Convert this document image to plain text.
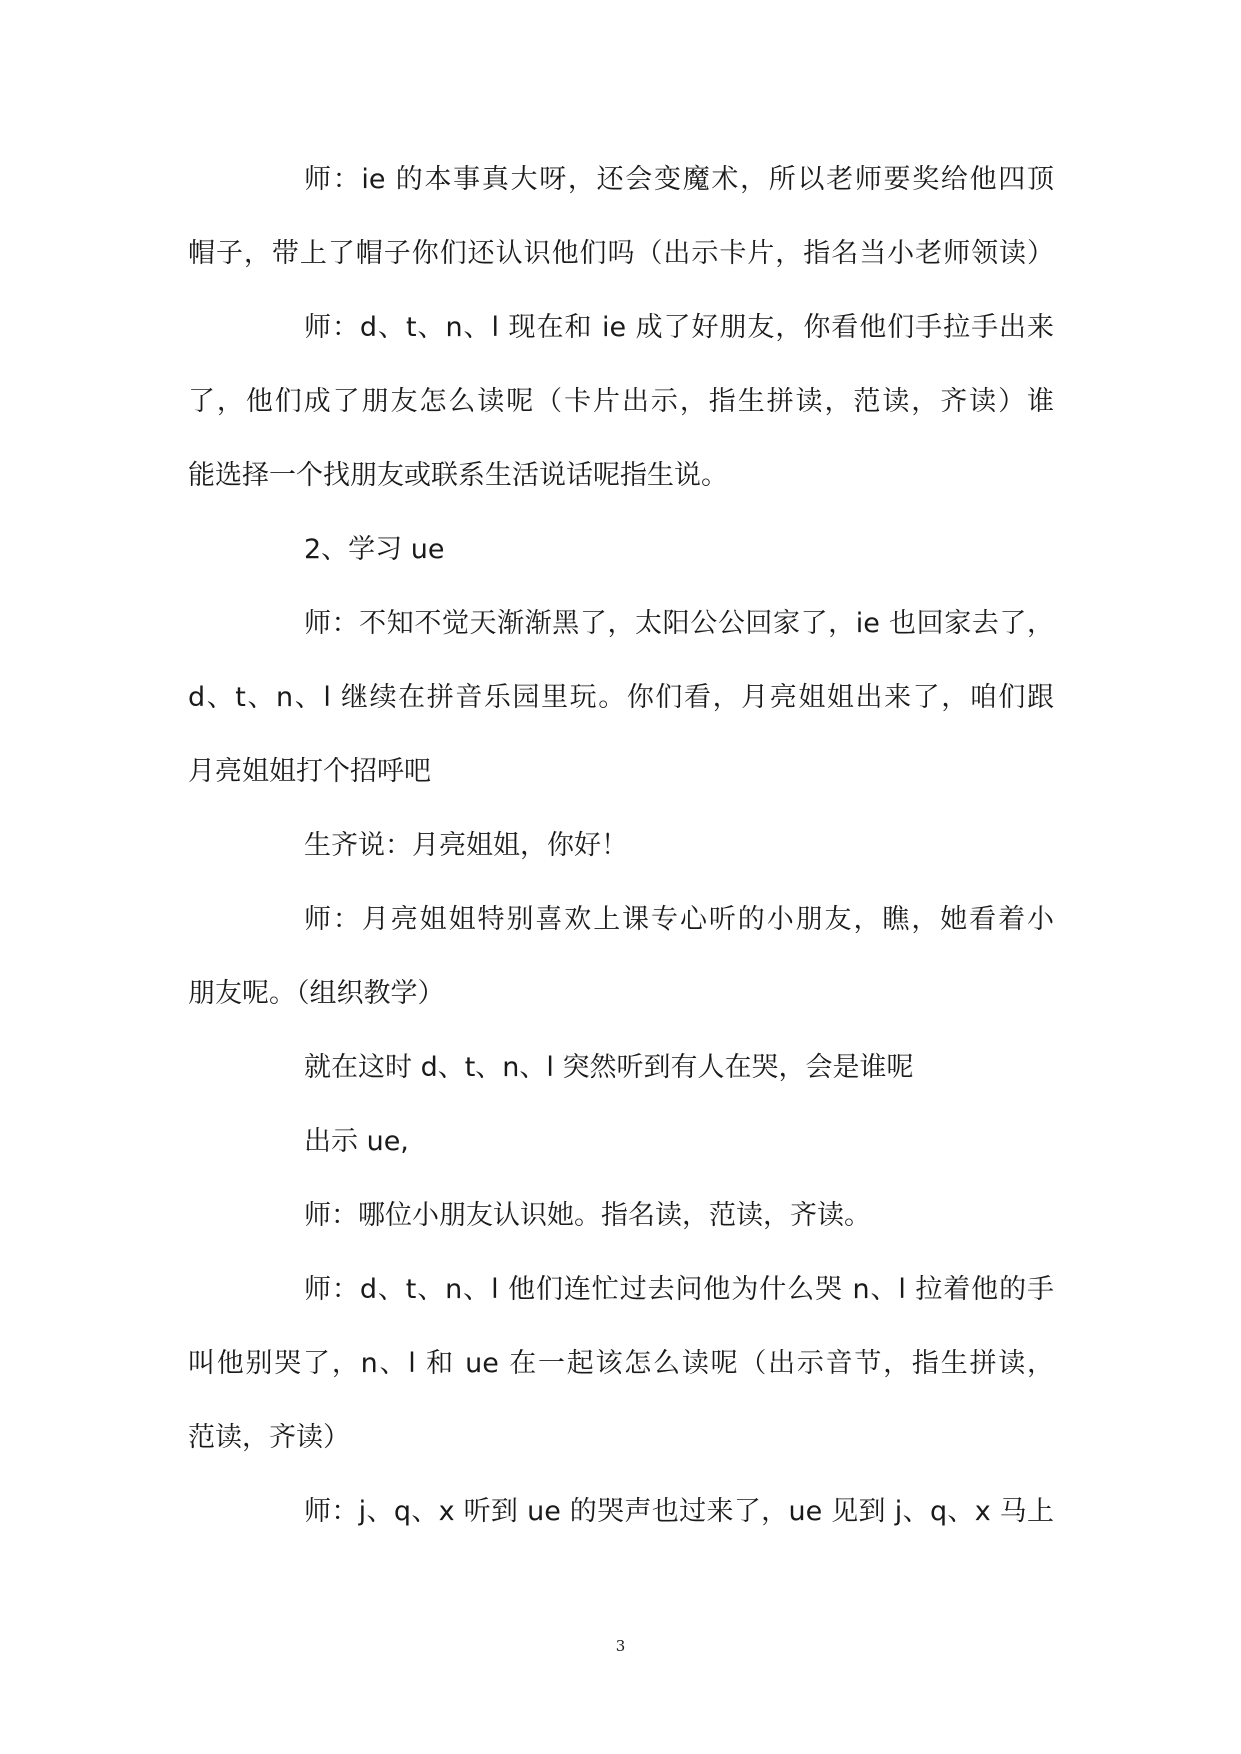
师：ie 的本事真大呀，还会变魔术，所以老师要奖给他四顶

帽子，带上了帽子你们还认识他们吗（出示卡片，指名当小老师领读）

师：d、t、n、l 现在和 ie 成了好朋友，你看他们手拉手出来

了，他们成了朋友怎么读呢（卡片出示，指生拼读，范读，齐读）谁

能选择一个找朋友或联系生活说话呢指生说。

2、学习 ue

师：不知不觉天渐渐黑了，太阳公公回家了，ie 也回家去了，

d、t、n、l 继续在拼音乐园里玩。你们看，月亮姐姐出来了，咱们跟

月亮姐姐打个招呼吧

生齐说：月亮姐姐，你好！

师：月亮姐姐特别喜欢上课专心听的小朋友，瞧，她看着小

朋友呢。（组织教学）

就在这时 d、t、n、l 突然听到有人在哭，会是谁呢

出示 ue,

师：哪位小朋友认识她。指名读，范读，齐读。

师：d、t、n、l 他们连忙过去问他为什么哭 n、l 拉着他的手

叫他别哭了，n、l 和 ue 在一起该怎么读呢（出示音节，指生拼读，

范读，齐读）

师：j、q、x 听到 ue 的哭声也过来了，ue 见到 j、q、x 马上

3
